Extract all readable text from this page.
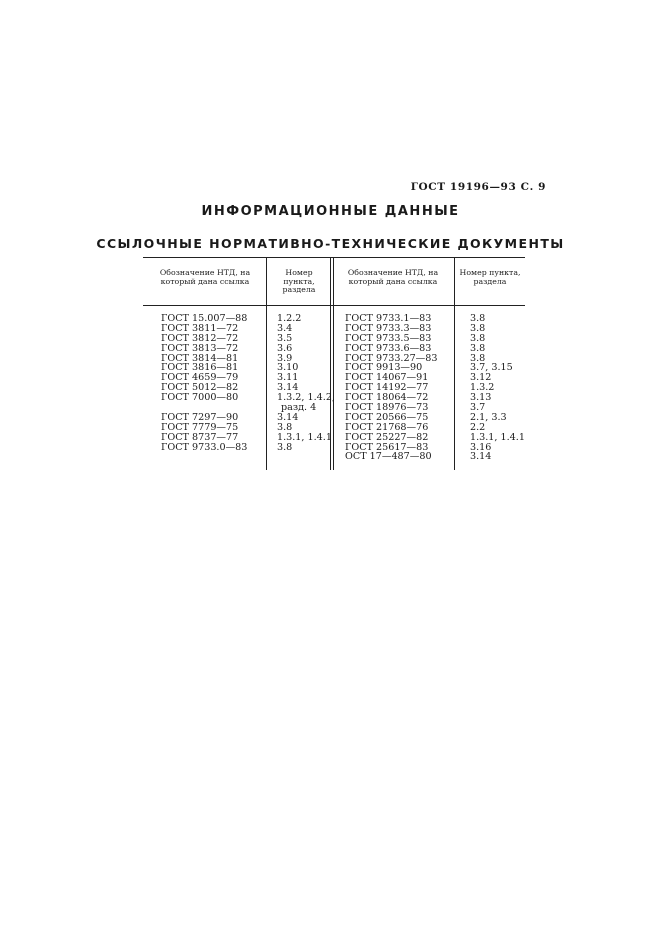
ГОСТ 19196—93 С. 9
ИНФОРМАЦИОННЫЕ ДАННЫЕ
ССЫЛОЧНЫЕ НОРМАТИВНО-ТЕХНИЧЕСКИЕ ДОКУМЕНТЫ
Обозначение НТД, на который дана ссылка
Номер пункта, раздела
Обозначение НТД, на который дана ссылка
Номер пункта, раздела
ГОСТ 15.007—88
ГОСТ 3811—72
ГОСТ 3812—72
ГОСТ 3813—72
ГОСТ 3814—81
ГОСТ 3816—81
ГОСТ 4659—79
ГОСТ 5012—82
ГОСТ 7000—80
ГОСТ 7297—90
ГОСТ 7779—75
ГОСТ 8737—77
ГОСТ 9733.0—83
1.2.2
3.4
3.5
3.6
3.9
3.10
3.11
3.14
1.3.2, 1.4.2,
разд. 4
3.14
3.8
1.3.1, 1.4.1
3.8
ГОСТ 9733.1—83
ГОСТ 9733.3—83
ГОСТ 9733.5—83
ГОСТ 9733.6—83
ГОСТ 9733.27—83
ГОСТ 9913—90
ГОСТ 14067—91
ГОСТ 14192—77
ГОСТ 18064—72
ГОСТ 18976—73
ГОСТ 20566—75
ГОСТ 21768—76
ГОСТ 25227—82
ГОСТ 25617—83
ОСТ 17—487—80
3.8
3.8
3.8
3.8
3.8
3.7, 3.15
3.12
1.3.2
3.13
3.7
2.1, 3.3
2.2
1.3.1, 1.4.1
3.16
3.14
